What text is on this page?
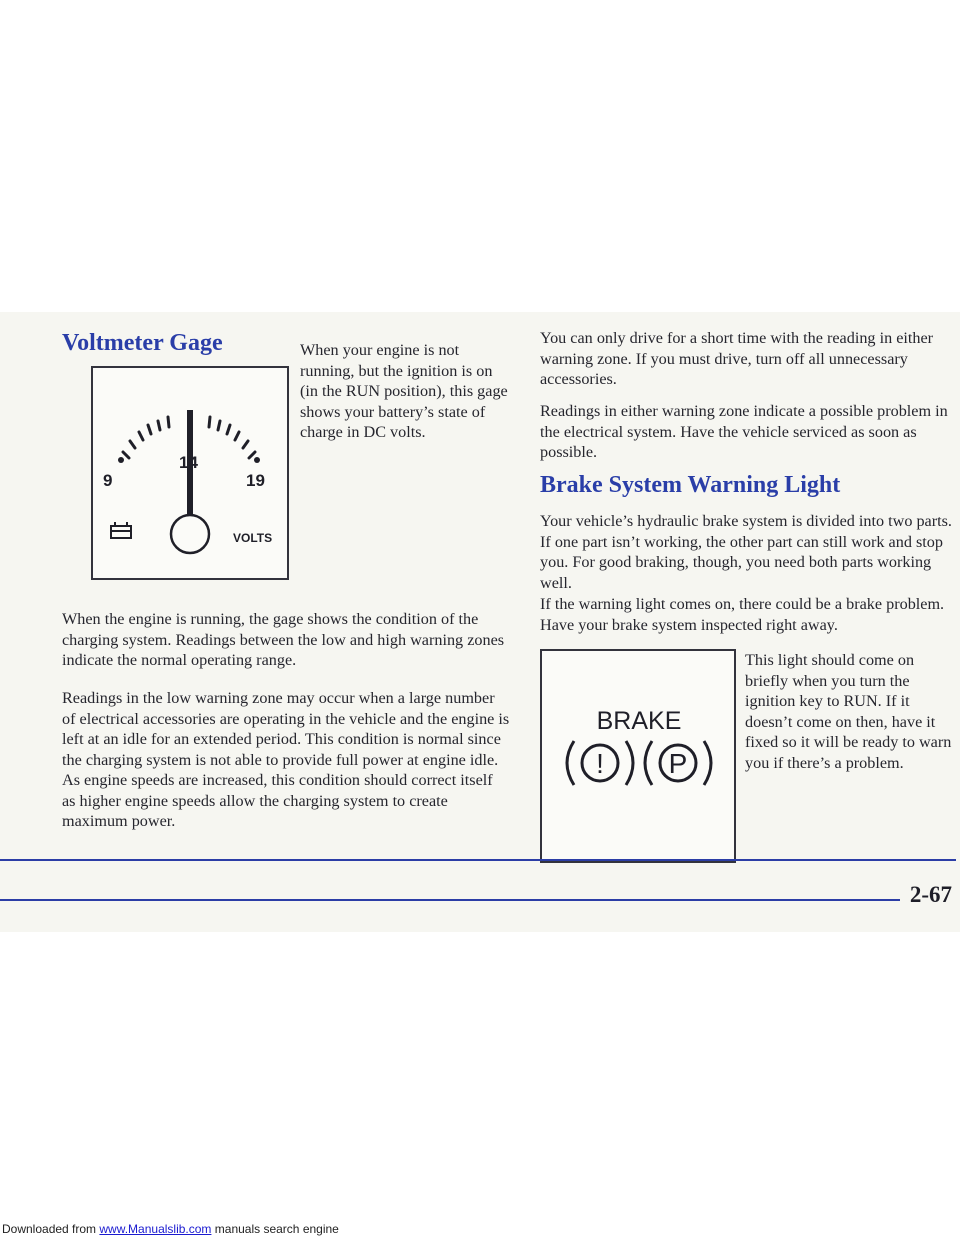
Voltmeter Gage
9
14
19
VOLTS

When your engine is not running, but the ignition is on (in the RUN position), this gage shows your battery’s state of charge in DC volts.

When the engine is running, the gage shows the condition of the charging system. Readings between the low and high warning zones indicate the normal operating range.

Readings in the low warning zone may occur when a large number of electrical accessories are operating in the vehicle and the engine is left at an idle for an extended period. This condition is normal since the charging system is not able to provide full power at engine idle. As engine speeds are increased, this condition should correct itself as higher engine speeds allow the charging system to create maximum power.

You can only drive for a short time with the reading in either warning zone. If you must drive, turn off all unnecessary accessories.

Readings in either warning zone indicate a possible problem in the electrical system. Have the vehicle serviced as soon as possible.

Brake System Warning Light

Your vehicle’s hydraulic brake system is divided into two parts. If one part isn’t working, the other part can still work and stop you. For good braking, though, you need both parts working well.

If the warning light comes on, there could be a brake problem. Have your brake system inspected right away.

BRAKE
! P

This light should come on briefly when you turn the ignition key to RUN. If it doesn’t come on then, have it fixed so it will be ready to warn you if there’s a problem.

2-67
Downloaded from www.Manualslib.com manuals search engine
